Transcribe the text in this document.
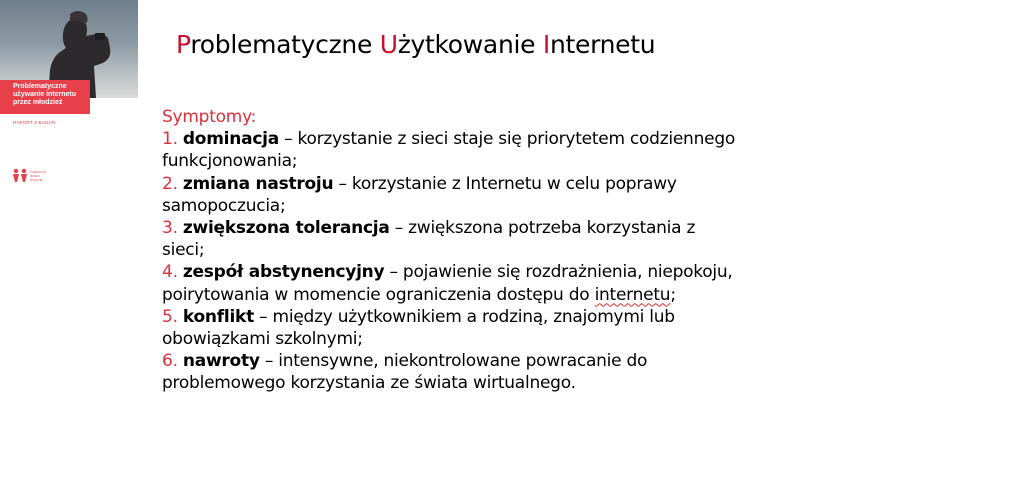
Problematyczne
używanie internetu
przez młodzież
RAPORT Z BADAŃ
FUNDACJA
DZIECI
NICZYJE
Problematyczne Użytkowanie Internetu

Symptomy:

1. dominacja – korzystanie z sieci staje się priorytetem codziennego funkcjonowania;

2. zmiana nastroju – korzystanie z Internetu w celu poprawy samopoczucia;

3. zwiększona tolerancja – zwiększona potrzeba korzystania z sieci;

4. zespół abstynencyjny – pojawienie się rozdrażnienia, niepokoju, poirytowania w momencie ograniczenia dostępu do internetu;

5. konflikt – między użytkownikiem a rodziną, znajomymi lub obowiązkami szkolnymi;

6. nawroty – intensywne, niekontrolowane powracanie do problemowego korzystania ze świata wirtualnego.
